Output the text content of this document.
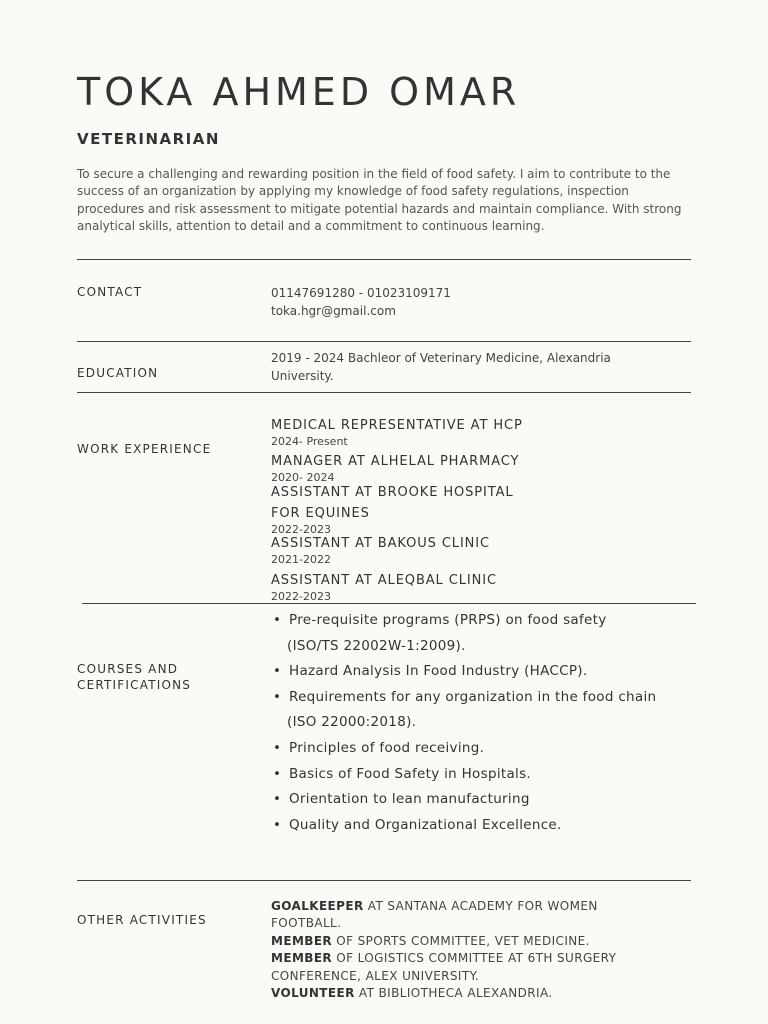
TOKA AHMED OMAR
VETERINARIAN

To secure a challenging and rewarding position in the field of food safety. I aim to contribute to the success of an organization by applying my knowledge of food safety regulations, inspection procedures and risk assessment to mitigate potential hazards and maintain compliance. With strong analytical skills, attention to detail and a commitment to continuous learning.

CONTACT	01147691280 - 01023109171
toka.hgr@gmail.com
EDUCATION
2019 - 2024 Bachleor of Veterinary Medicine, Alexandria
University.
WORK EXPERIENCE
MEDICAL REPRESENTATIVE AT HCP
2024- Present
MANAGER AT ALHELAL PHARMACY
2020- 2024
ASSISTANT AT BROOKE HOSPITAL
FOR EQUINES
2022-2023
ASSISTANT AT BAKOUS CLINIC
2021-2022
ASSISTANT AT ALEQBAL CLINIC
2022-2023
COURSES AND
CERTIFICATIONS
• Pre-requisite programs (PRPS) on food safety
(ISO/TS 22002W-1:2009).
• Hazard Analysis In Food Industry (HACCP).
• Requirements for any organization in the food chain
(ISO 22000:2018).
• Principles of food receiving.
• Basics of Food Safety in Hospitals.
• Orientation to lean manufacturing
• Quality and Organizational Excellence.
OTHER ACTIVITIES
GOALKEEPER AT SANTANA ACADEMY FOR WOMEN FOOTBALL.
MEMBER OF SPORTS COMMITTEE, VET MEDICINE.
MEMBER OF LOGISTICS COMMITTEE AT 6TH SURGERY CONFERENCE, ALEX UNIVERSITY.
VOLUNTEER AT BIBLIOTHECA ALEXANDRIA.
